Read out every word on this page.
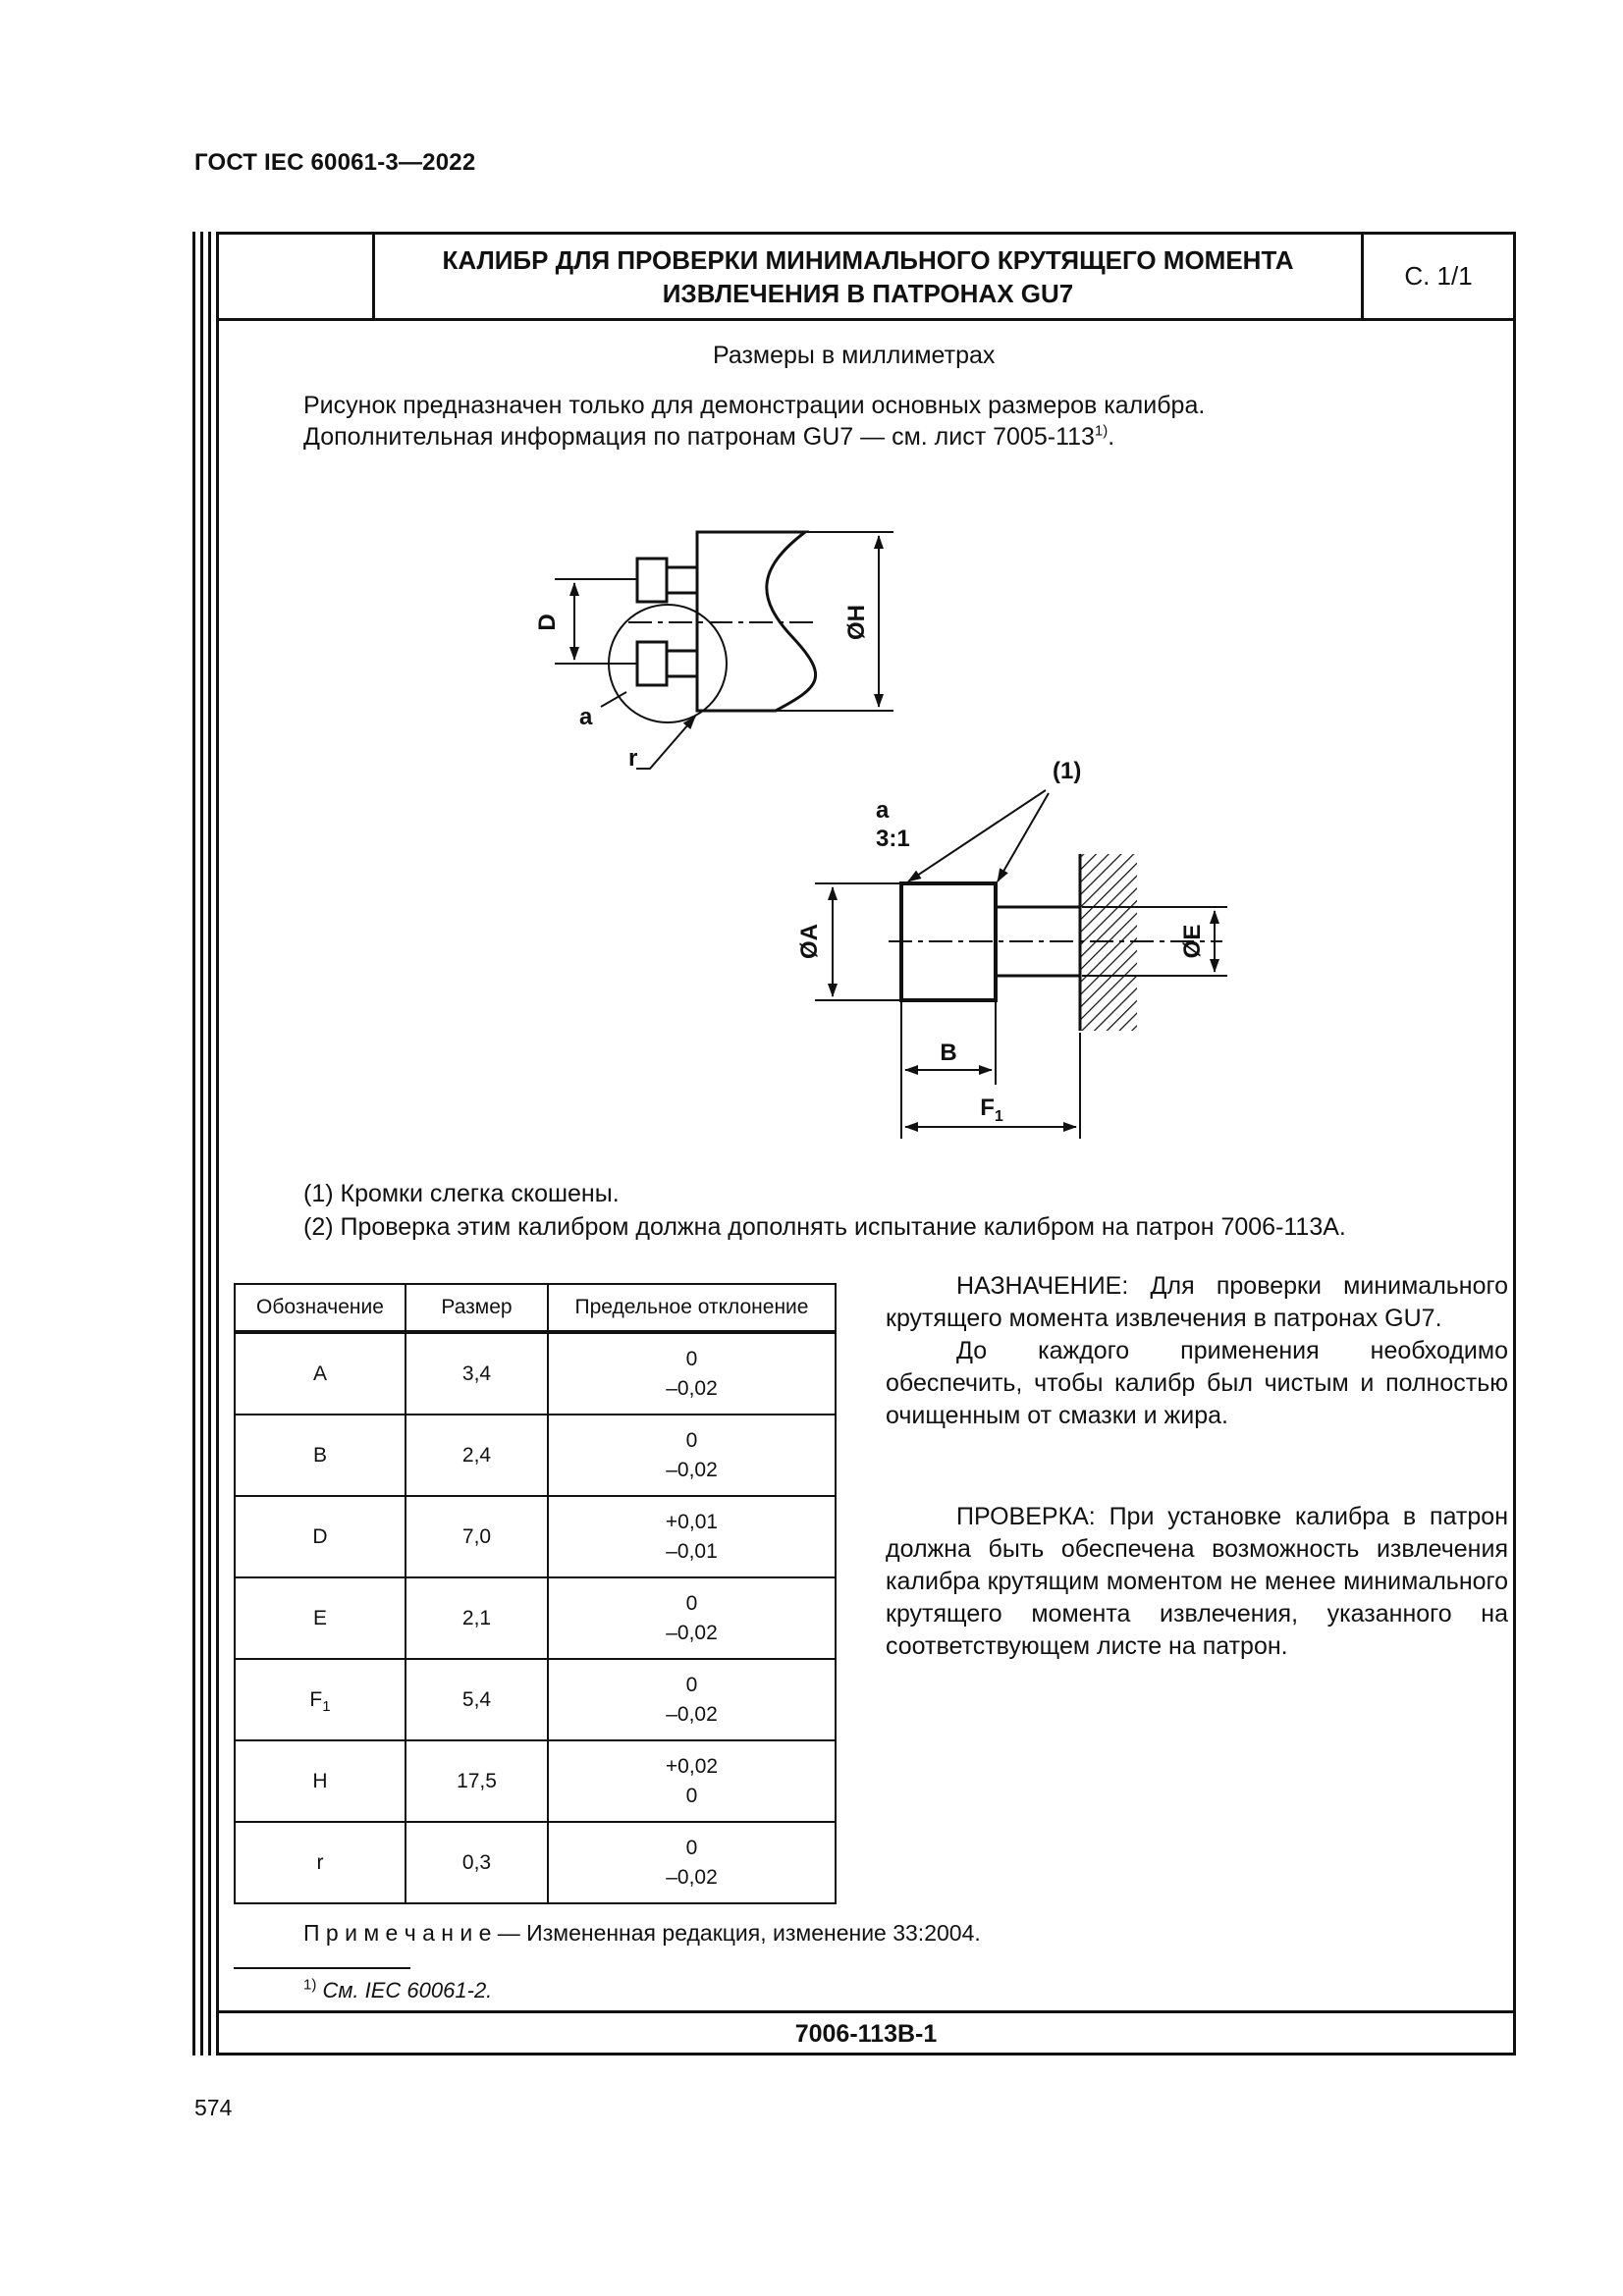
ГОСТ IEC 60061-3—2022
КАЛИБР ДЛЯ ПРОВЕРКИ МИНИМАЛЬНОГО КРУТЯЩЕГО МОМЕНТА
ИЗВЛЕЧЕНИЯ В ПАТРОНАХ GU7
С. 1/1
Размеры в миллиметрах
Рисунок предназначен только для демонстрации основных размеров калибра.
Дополнительная информация по патронам GU7 — см. лист 7005-113$^{1)}$.
D	ØH
a
r	(1)
a
3:1
ØA	ØE
B
$F_1$
(1) Кромки слегка скошены.
(2) Проверка этим калибром должна дополнять испытание калибром на патрон 7006-113А.
Обозначение	Размер	Предельное отклонение
A	3,4	0
–0,02

B	2,4	0
–0,02

D	7,0	+0,01
–0,01

E	2,1	0
–0,02

$F_1$	5,4	0
–0,02

H	17,5	+0,02
0

r	0,3	0
–0,02
НАЗНАЧЕНИЕ: Для проверки минимального крутящего момента извлечения в патронах GU7.
До каждого применения необходимо обеспечить, чтобы калибр был чистым и полностью очищенным от смазки и жира.
ПРОВЕРКА: При установке калибра в патрон должна быть обеспечена возможность извлечения калибра крутящим моментом не менее минимального крутящего момента извлечения, указанного на соответствующем листе на патрон.
П р и м е ч а н и е — Измененная редакция, изменение 33:2004.
$^{1)}$ См. IEC 60061-2.
7006-113В-1
574
